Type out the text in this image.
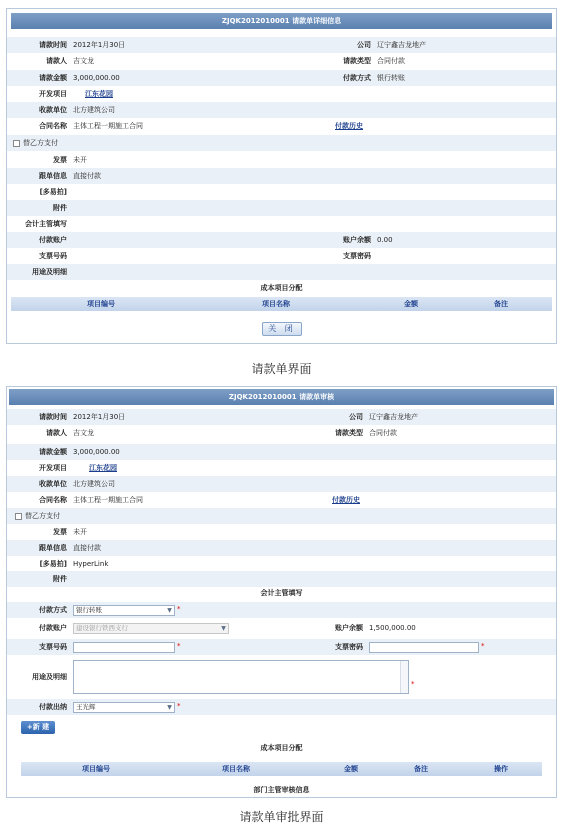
ZJQK2012010001 请款单详细信息
请款时间 2012年1月30日	公司 辽宁鑫吉龙地产
请款人 吉文龙	请款类型 合同付款
请款金额 3,000,000.00	付款方式 银行转账
开发项目	江东花园
收款单位 北方建筑公司
合同名称 主体工程一期施工合同	付款历史
替乙方支付
发票 未开
跟单信息 直接付款
[多易拍]
附件
会计主管填写
付款账户	账户余额 0.00
支票号码	支票密码
用途及明细
成本项目分配
项目编号	项目名称	金额	备注
关 闭
请款单界面
ZJQK2012010001 请款单审核
请款时间 2012年1月30日	公司 辽宁鑫吉龙地产
请款人 吉文龙	请款类型 合同付款
请款金额 3,000,000.00
开发项目	江东花园
收款单位 北方建筑公司
合同名称 主体工程一期施工合同	付款历史
替乙方支付
发票 未开
跟单信息 直接付款
[多易拍] HyperLink
附件
会计主管填写
付款方式	银行转账	▼ *
付款账户	建设银行铁西支行	▼	账户余额 1,500,000.00
支票号码	*	支票密码	*
用途及明细
*
付款出纳	王光辉	▼ *
+新 建
成本项目分配
项目编号	项目名称	金额	备注	操作
部门主管审核信息
请款单审批界面
